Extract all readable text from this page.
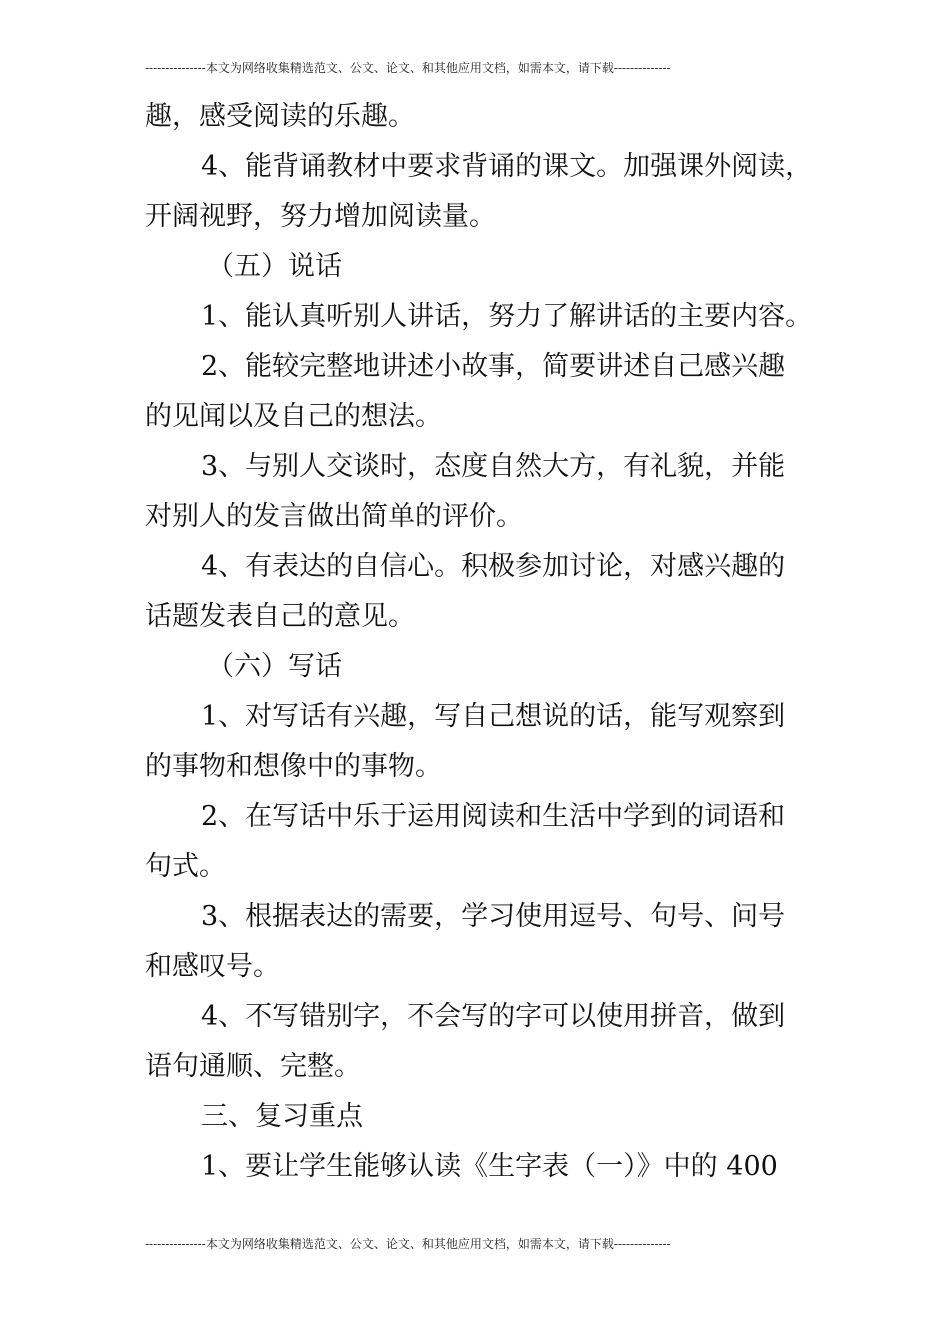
---------------本文为网络收集精选范文、公文、论文、和其他应用文档，如需本文，请下载--------------
趣，感受阅读的乐趣。
4、能背诵教材中要求背诵的课文。加强课外阅读，
开阔视野，努力增加阅读量。
（五）说话
1、能认真听别人讲话，努力了解讲话的主要内容。
2、能较完整地讲述小故事，简要讲述自己感兴趣
的见闻以及自己的想法。
3、与别人交谈时，态度自然大方，有礼貌，并能
对别人的发言做出简单的评价。
4、有表达的自信心。积极参加讨论，对感兴趣的
话题发表自己的意见。
（六）写话
1、对写话有兴趣，写自己想说的话，能写观察到
的事物和想像中的事物。
2、在写话中乐于运用阅读和生活中学到的词语和
句式。
3、根据表达的需要，学习使用逗号、句号、问号
和感叹号。
4、不写错别字，不会写的字可以使用拼音，做到
语句通顺、完整。
三、复习重点
1、要让学生能够认读《生字表（一）》中的 400
---------------本文为网络收集精选范文、公文、论文、和其他应用文档，如需本文，请下载--------------
